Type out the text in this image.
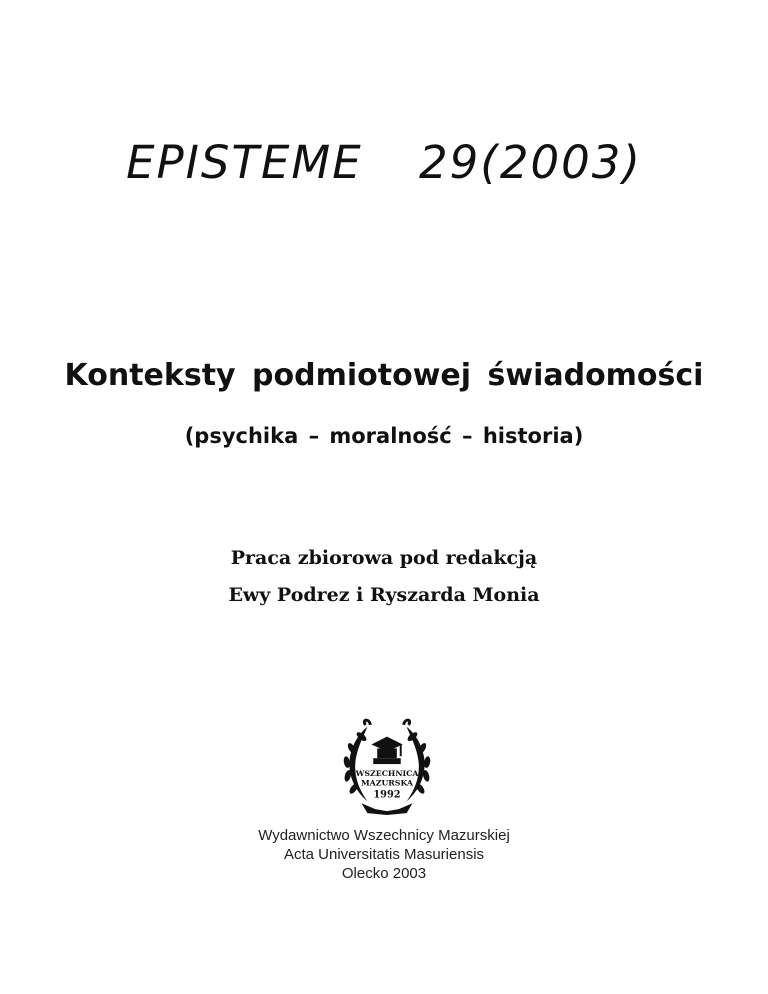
EPISTEME 29(2003)
Konteksty podmiotowej świadomości
(psychika – moralność – historia)
Praca zbiorowa pod redakcją
Ewy Podrez i Ryszarda Monia
WSZECHNICA
MAZURSKA
1992
Wydawnictwo Wszechnicy Mazurskiej
Acta Universitatis Masuriensis
Olecko 2003
